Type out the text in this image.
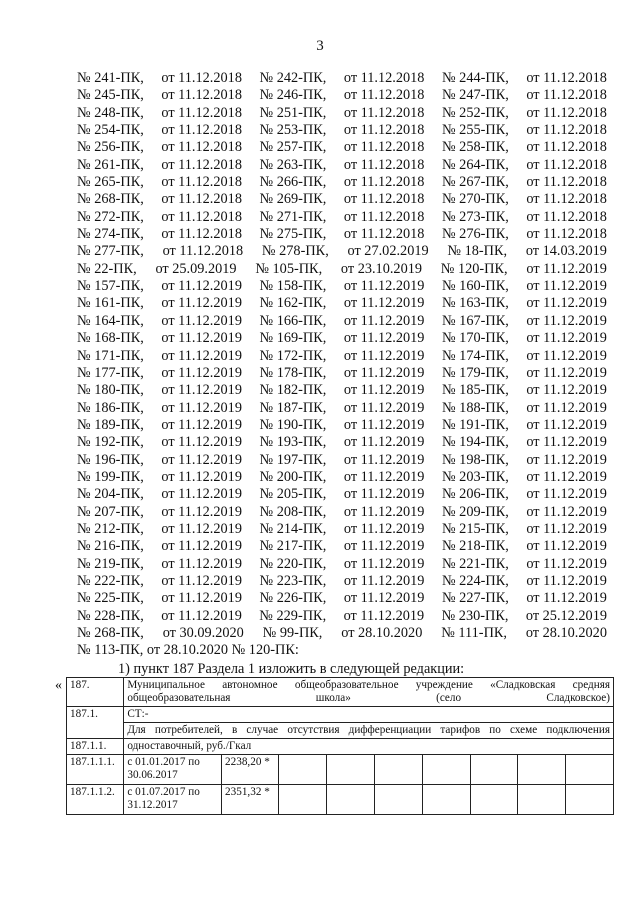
3
№ 241-ПК, от 11.12.2018 № 242-ПК, от 11.12.2018 № 244-ПК, от 11.12.2018
№ 245-ПК, от 11.12.2018 № 246-ПК, от 11.12.2018 № 247-ПК, от 11.12.2018
№ 248-ПК, от 11.12.2018 № 251-ПК, от 11.12.2018 № 252-ПК, от 11.12.2018
№ 254-ПК, от 11.12.2018 № 253-ПК, от 11.12.2018 № 255-ПК, от 11.12.2018
№ 256-ПК, от 11.12.2018 № 257-ПК, от 11.12.2018 № 258-ПК, от 11.12.2018
№ 261-ПК, от 11.12.2018 № 263-ПК, от 11.12.2018 № 264-ПК, от 11.12.2018
№ 265-ПК, от 11.12.2018 № 266-ПК, от 11.12.2018 № 267-ПК, от 11.12.2018
№ 268-ПК, от 11.12.2018 № 269-ПК, от 11.12.2018 № 270-ПК, от 11.12.2018
№ 272-ПК, от 11.12.2018 № 271-ПК, от 11.12.2018 № 273-ПК, от 11.12.2018
№ 274-ПК, от 11.12.2018 № 275-ПК, от 11.12.2018 № 276-ПК, от 11.12.2018
№ 277-ПК, от 11.12.2018 № 278-ПК, от 27.02.2019 № 18-ПК, от 14.03.2019
№ 22-ПК, от 25.09.2019 № 105-ПК, от 23.10.2019 № 120-ПК, от 11.12.2019
№ 157-ПК, от 11.12.2019 № 158-ПК, от 11.12.2019 № 160-ПК, от 11.12.2019
№ 161-ПК, от 11.12.2019 № 162-ПК, от 11.12.2019 № 163-ПК, от 11.12.2019
№ 164-ПК, от 11.12.2019 № 166-ПК, от 11.12.2019 № 167-ПК, от 11.12.2019
№ 168-ПК, от 11.12.2019 № 169-ПК, от 11.12.2019 № 170-ПК, от 11.12.2019
№ 171-ПК, от 11.12.2019 № 172-ПК, от 11.12.2019 № 174-ПК, от 11.12.2019
№ 177-ПК, от 11.12.2019 № 178-ПК, от 11.12.2019 № 179-ПК, от 11.12.2019
№ 180-ПК, от 11.12.2019 № 182-ПК, от 11.12.2019 № 185-ПК, от 11.12.2019
№ 186-ПК, от 11.12.2019 № 187-ПК, от 11.12.2019 № 188-ПК, от 11.12.2019
№ 189-ПК, от 11.12.2019 № 190-ПК, от 11.12.2019 № 191-ПК, от 11.12.2019
№ 192-ПК, от 11.12.2019 № 193-ПК, от 11.12.2019 № 194-ПК, от 11.12.2019
№ 196-ПК, от 11.12.2019 № 197-ПК, от 11.12.2019 № 198-ПК, от 11.12.2019
№ 199-ПК, от 11.12.2019 № 200-ПК, от 11.12.2019 № 203-ПК, от 11.12.2019
№ 204-ПК, от 11.12.2019 № 205-ПК, от 11.12.2019 № 206-ПК, от 11.12.2019
№ 207-ПК, от 11.12.2019 № 208-ПК, от 11.12.2019 № 209-ПК, от 11.12.2019
№ 212-ПК, от 11.12.2019 № 214-ПК, от 11.12.2019 № 215-ПК, от 11.12.2019
№ 216-ПК, от 11.12.2019 № 217-ПК, от 11.12.2019 № 218-ПК, от 11.12.2019
№ 219-ПК, от 11.12.2019 № 220-ПК, от 11.12.2019 № 221-ПК, от 11.12.2019
№ 222-ПК, от 11.12.2019 № 223-ПК, от 11.12.2019 № 224-ПК, от 11.12.2019
№ 225-ПК, от 11.12.2019 № 226-ПК, от 11.12.2019 № 227-ПК, от 11.12.2019
№ 228-ПК, от 11.12.2019 № 229-ПК, от 11.12.2019 № 230-ПК, от 25.12.2019
№ 268-ПК, от 30.09.2020 № 99-ПК, от 28.10.2020 № 111-ПК, от 28.10.2020
№ 113-ПК, от 28.10.2020 № 120-ПК:
1) пункт 187 Раздела 1 изложить в следующей редакции:
« 187.	Муниципальное автономное общеобразовательное учреждение «Сладковская средняя общеобразовательная школа» (село Сладковское)								
187.1.	СТ:-								
	Для потребителей, в случае отсутствия дифференциации тарифов по схеме подключения								
187.1.1.	одноставочный, руб./Гкал								
187.1.1.1.	с 01.01.2017 по 30.06.2017	2238,20 *							
187.1.1.2.	с 01.07.2017 по 31.12.2017	2351,32 *							
